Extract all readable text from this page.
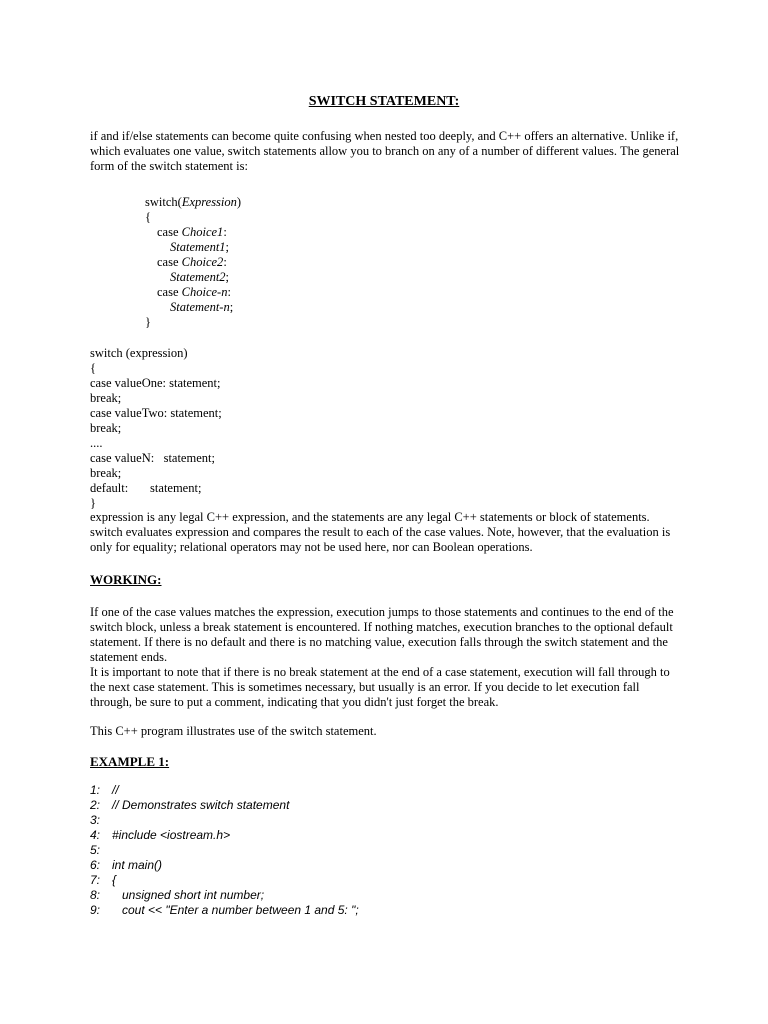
SWITCH STATEMENT:

if and if/else statements can become quite confusing when nested too deeply, and C++ offers an alternative. Unlike if, which evaluates one value, switch statements allow you to branch on any of a number of different values. The general form of the switch statement is:

switch(Expression)
{
case Choice1:
Statement1;
case Choice2:
Statement2;
case Choice-n:
Statement-n;
}
switch (expression)
{
case valueOne: statement;
break;
case valueTwo: statement;
break;
....
case valueN:   statement;
break;
default:       statement;
}

expression is any legal C++ expression, and the statements are any legal C++ statements or block of statements. switch evaluates expression and compares the result to each of the case values. Note, however, that the evaluation is only for equality; relational operators may not be used here, nor can Boolean operations.

WORKING:

If one of the case values matches the expression, execution jumps to those statements and continues to the end of the switch block, unless a break statement is encountered. If nothing matches, execution branches to the optional default statement. If there is no default and there is no matching value, execution falls through the switch statement and the statement ends.

It is important to note that if there is no break statement at the end of a case statement, execution will fall through to the next case statement. This is sometimes necessary, but usually is an error. If you decide to let execution fall through, be sure to put a comment, indicating that you didn't just forget the break.

This C++ program illustrates use of the switch statement.

EXAMPLE 1:
1: //
2: // Demonstrates switch statement
3:
4: #include <iostream.h>
5:
6: int main()
7: {
8:   unsigned short int number;
9:   cout << "Enter a number between 1 and 5: ";
